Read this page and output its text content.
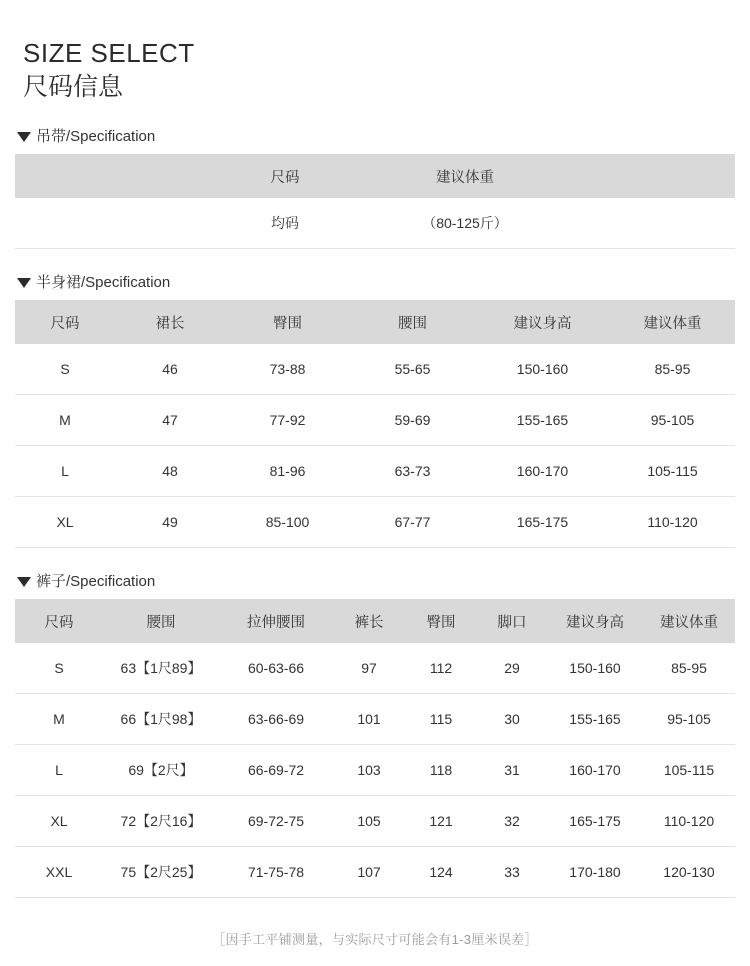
SIZE SELECT
尺码信息
吊带/Specification
	尺码	建议体重	
	均码	（80-125斤）	
半身裙/Specification
尺码	裙长	臀围	腰围	建议身高	建议体重
S	46	73-88	55-65	150-160	85-95
M	47	77-92	59-69	155-165	95-105
L	48	81-96	63-73	160-170	105-115
XL	49	85-100	67-77	165-175	110-120
裤子/Specification
尺码	腰围	拉伸腰围	裤长	臀围	脚口	建议身高	建议体重
S	63【1尺89】	60-63-66	97	112	29	150-160	85-95
M	66【1尺98】	63-66-69	101	115	30	155-165	95-105
L	69【2尺】	66-69-72	103	118	31	160-170	105-115
XL	72【2尺16】	69-72-75	105	121	32	165-175	110-120
XXL	75【2尺25】	71-75-78	107	124	33	170-180	120-130
［因手工平铺测量，与实际尺寸可能会有1-3厘米误差］
